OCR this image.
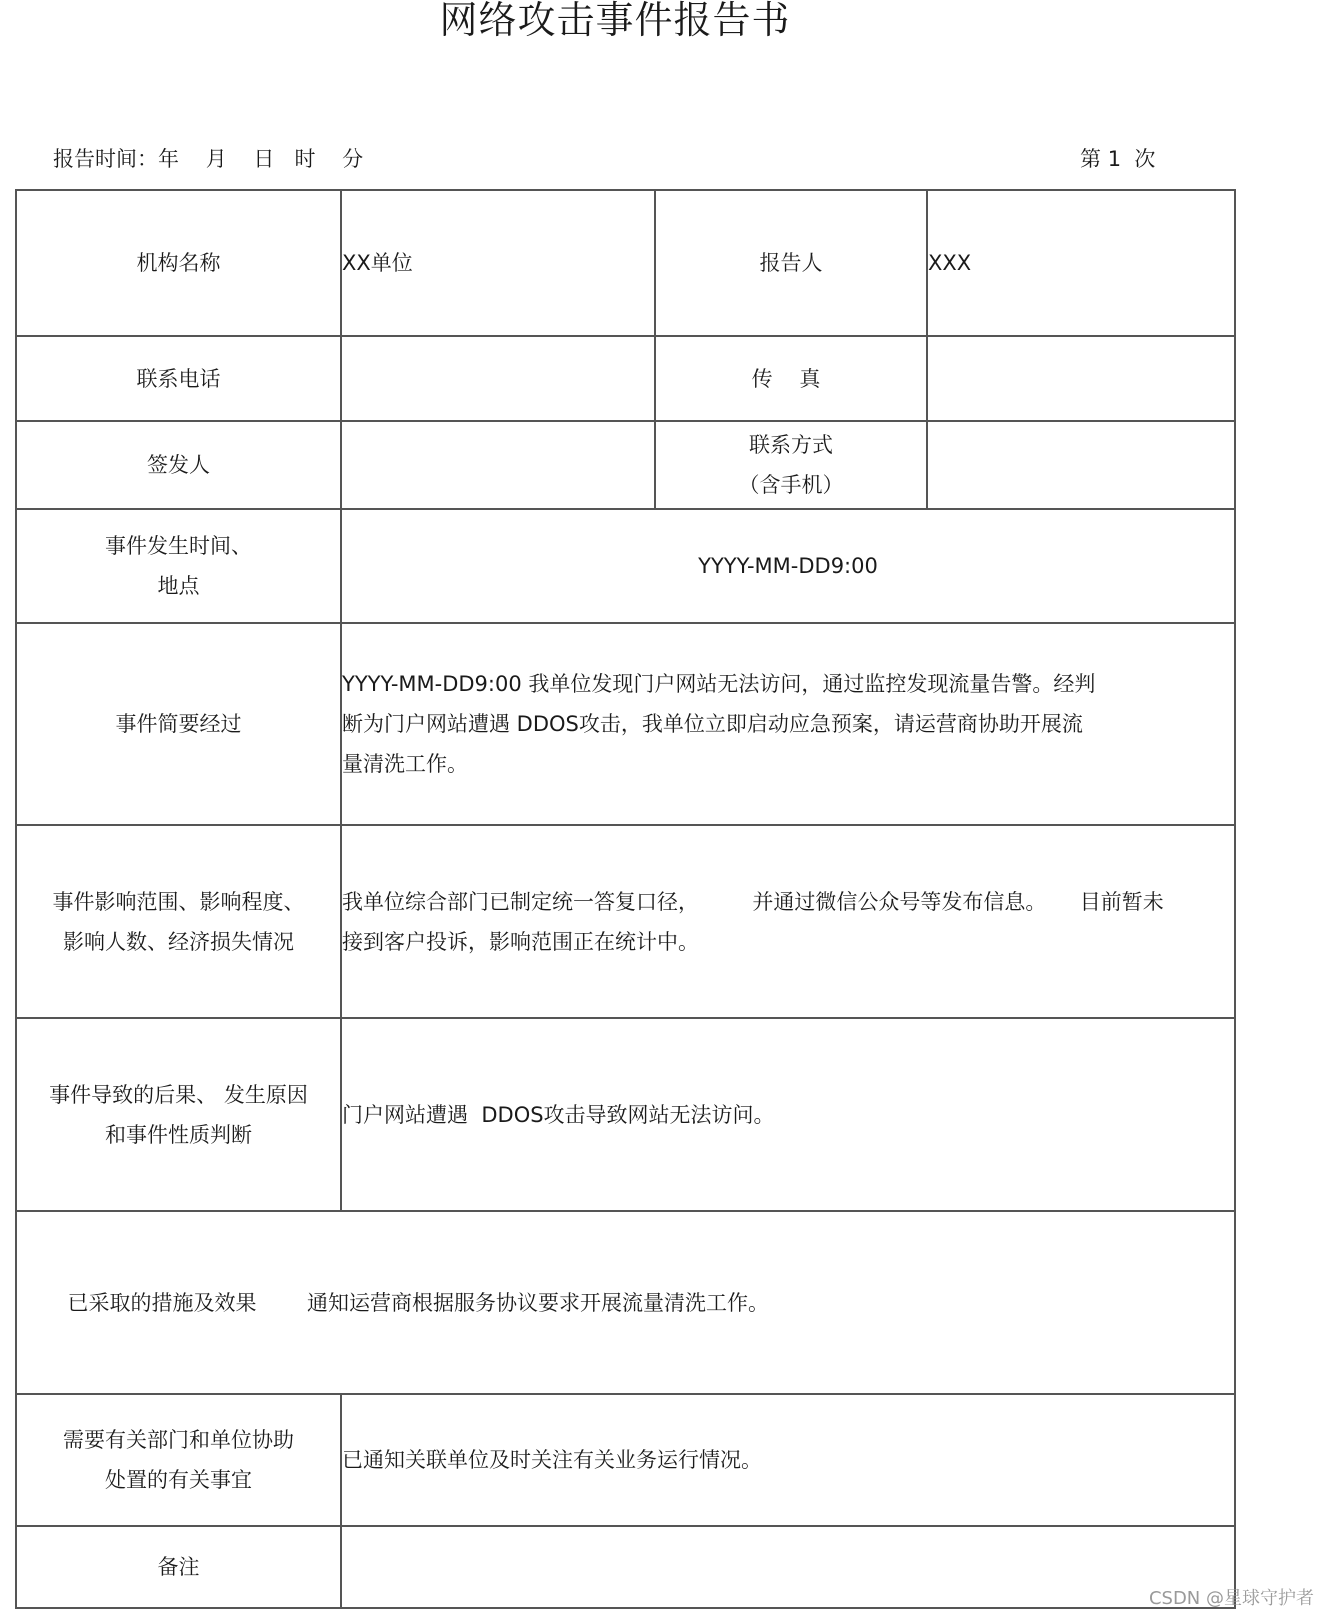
网络攻击事件报告书
报告时间：年 月 日 时 分	第 1 次
机构名称	XX单位	报告人	XXX
联系电话		传 真	
签发人		联系方式
（含手机）	

事件发生时间、
地点	YYYY-MM-DD9:00		
事件简要经过	YYYY-MM-DD9:00 我单位发现门户网站无法访问，通过监控发现流量告警。经判
断为门户网站遭遇 DDOS攻击，我单位立即启动应急预案，请运营商协助开展流
量清洗工作。		

事件影响范围、影响程度、
影响人数、经济损失情况	我单位综合部门已制定统一答复口径，        并通过微信公众号等发布信息。     目前暂未
接到客户投诉，影响范围正在统计中。		

事件导致的后果、 发生原因
和事件性质判断	门户网站遭遇  DDOS攻击导致网站无法访问。		
已采取的措施及效果 通知运营商根据服务协议要求开展流量清洗工作。			

需要有关部门和单位协助
处置的有关事宜	已通知关联单位及时关注有关业务运行情况。		
备注			
CSDN @星球守护者
